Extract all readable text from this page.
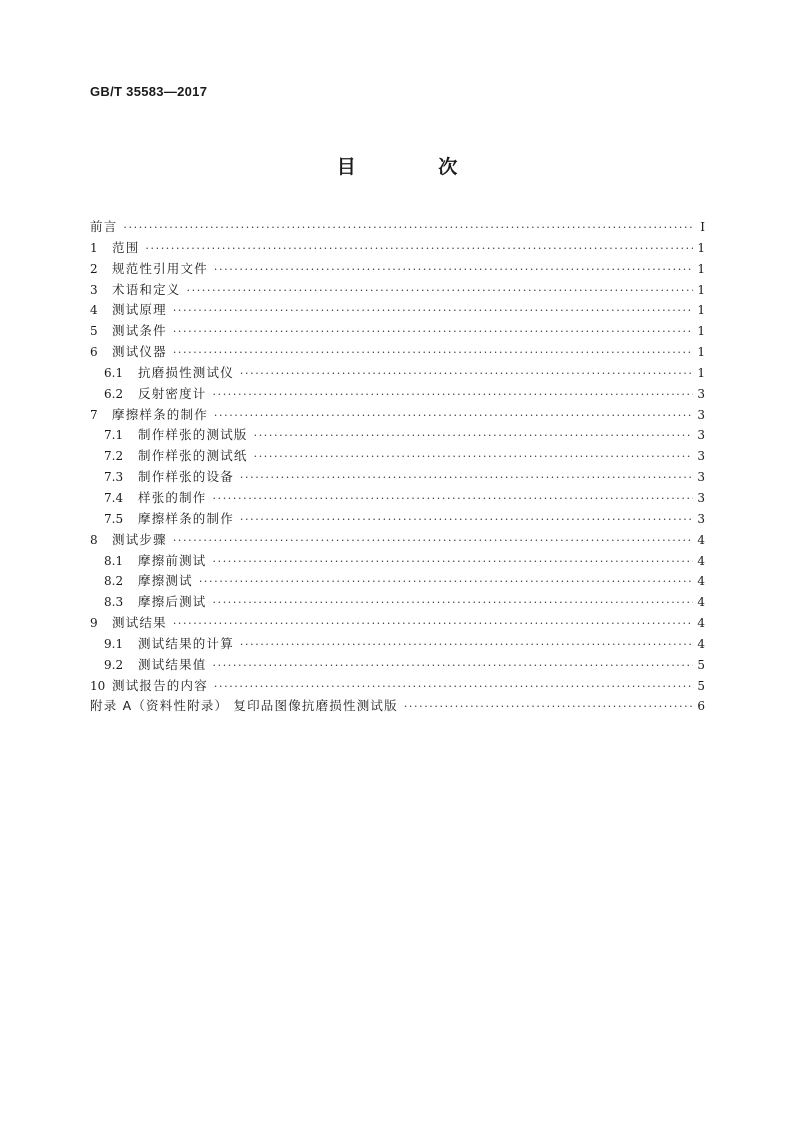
GB/T 35583—2017
目 次
前言 ·····	Ⅰ
1	范围 ·····	1
2	规范性引用文件 ·····	1
3	术语和定义 ·····	1
4	测试原理 ·····	1
5	测试条件 ·····	1
6	测试仪器 ·····	1
6.1	抗磨损性测试仪 ·····	1
6.2	反射密度计 ·····	3
7	摩擦样条的制作 ·····	3
7.1	制作样张的测试版 ·····	3
7.2	制作样张的测试纸 ·····	3
7.3	制作样张的设备 ·····	3
7.4	样张的制作 ·····	3
7.5	摩擦样条的制作 ·····	3
8	测试步骤 ·····	4
8.1	摩擦前测试 ·····	4
8.2	摩擦测试 ·····	4
8.3	摩擦后测试 ·····	4
9	测试结果 ·····	4
9.1	测试结果的计算 ·····	4
9.2	测试结果值 ·····	5
10 测试报告的内容 ·····	5
附录 A（资料性附录） 复印品图像抗磨损性测试版 ·····	6
